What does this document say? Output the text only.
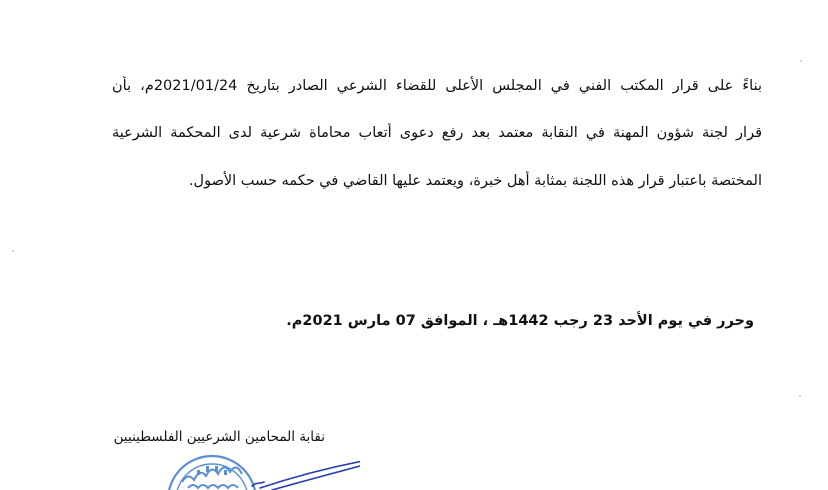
بناءً على قرار المكتب الفني في المجلس الأعلى للقضاء الشرعي الصادر بتاريخ 2021/01/24م، بأن
قرار لجنة شؤون المهنة في النقابة معتمد بعد رفع دعوى أتعاب محاماة شرعية لدى المحكمة الشرعية
المختصة باعتبار قرار هذه اللجنة بمثابة أهل خبرة، ويعتمد عليها القاضي في حكمه حسب الأصول.
وحرر في يوم الأحد 23 رجب 1442هـ ، الموافق 07 مارس 2021م.
نقابة المحامين الشرعيين الفلسطينيين
